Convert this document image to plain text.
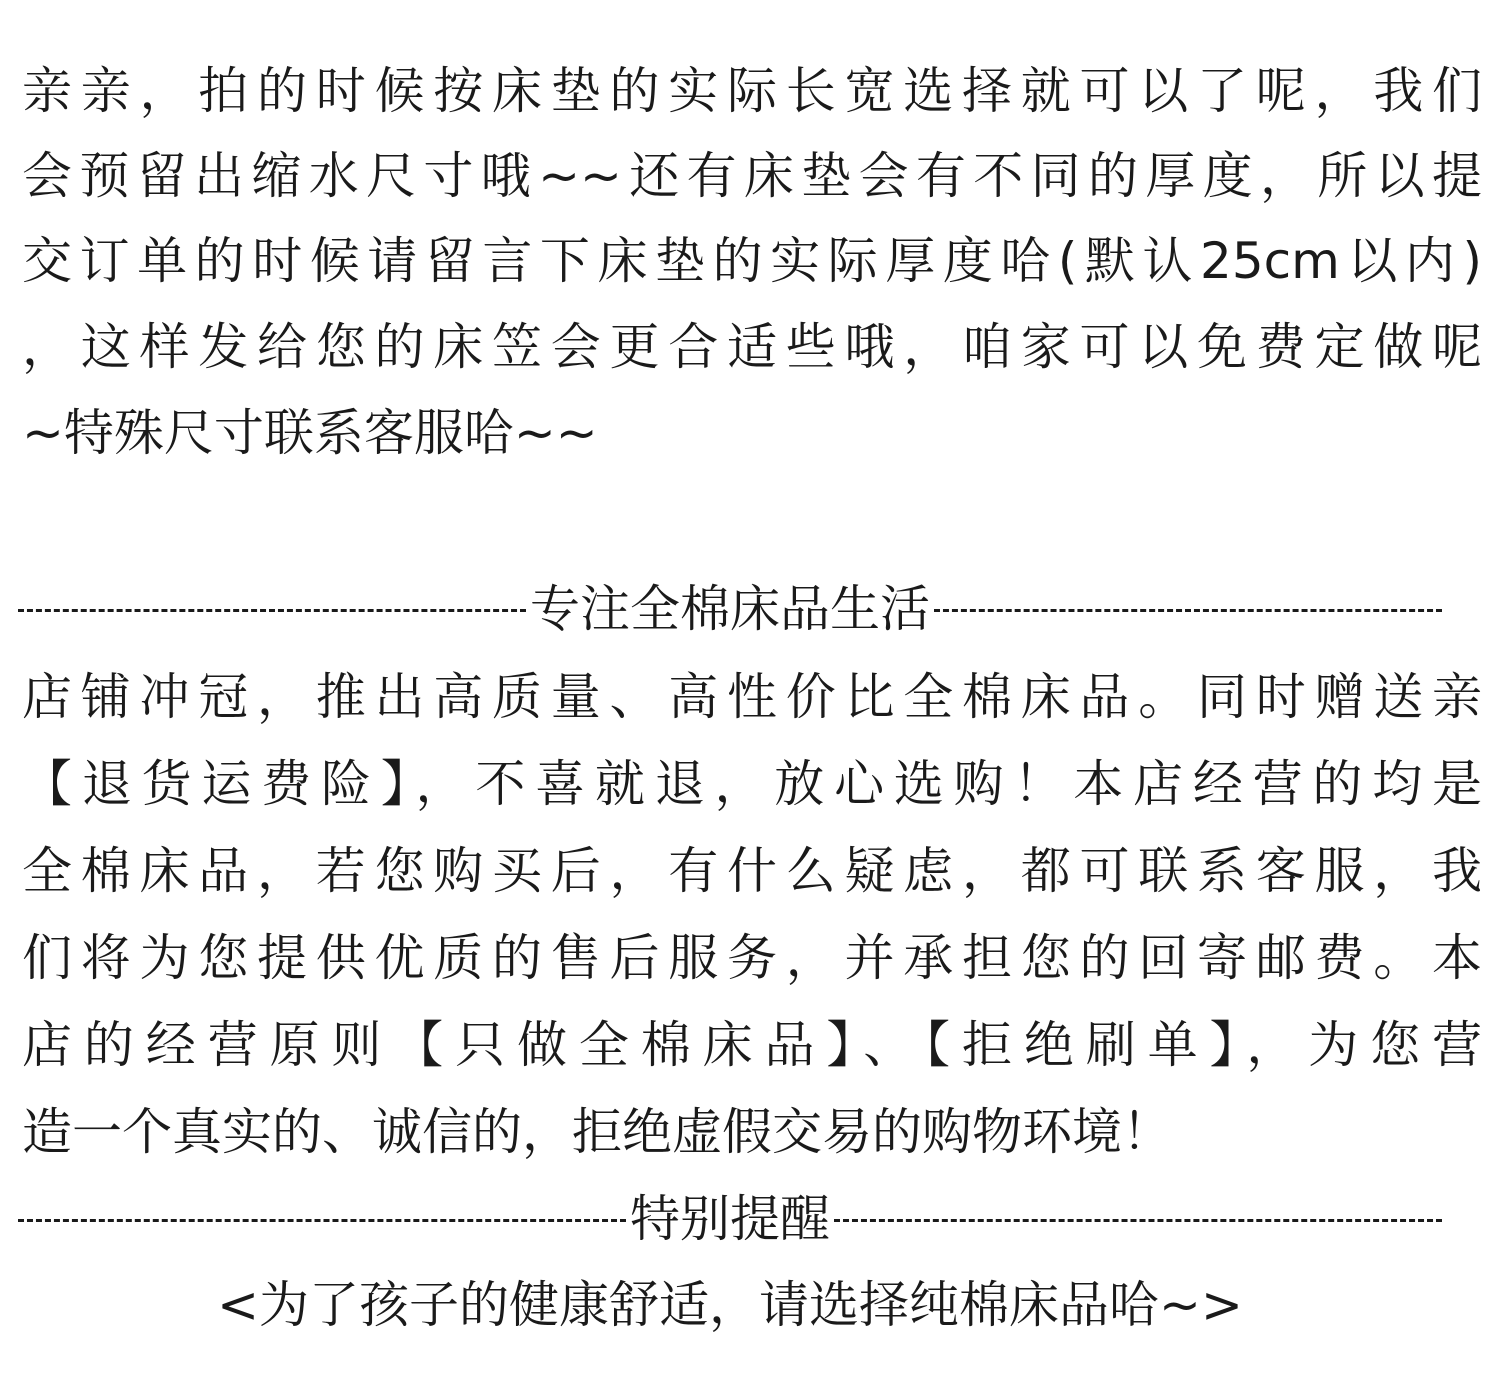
亲亲，拍的时候按床垫的实际长宽选择就可以了呢，我们
会预留出缩水尺寸哦~~还有床垫会有不同的厚度，所以提
交订单的时候请留言下床垫的实际厚度哈(默认25cm以内)
，这样发给您的床笠会更合适些哦，咱家可以免费定做呢
~特殊尺寸联系客服哈~~
专注全棉床品生活
店铺冲冠，推出高质量、高性价比全棉床品。同时赠送亲
【退货运费险】，不喜就退，放心选购！本店经营的均是
全棉床品，若您购买后，有什么疑虑，都可联系客服，我
们将为您提供优质的售后服务，并承担您的回寄邮费。本
店的经营原则【只做全棉床品】、【拒绝刷单】，为您营
造一个真实的、诚信的，拒绝虚假交易的购物环境！
特别提醒
<为了孩子的健康舒适，请选择纯棉床品哈~>
